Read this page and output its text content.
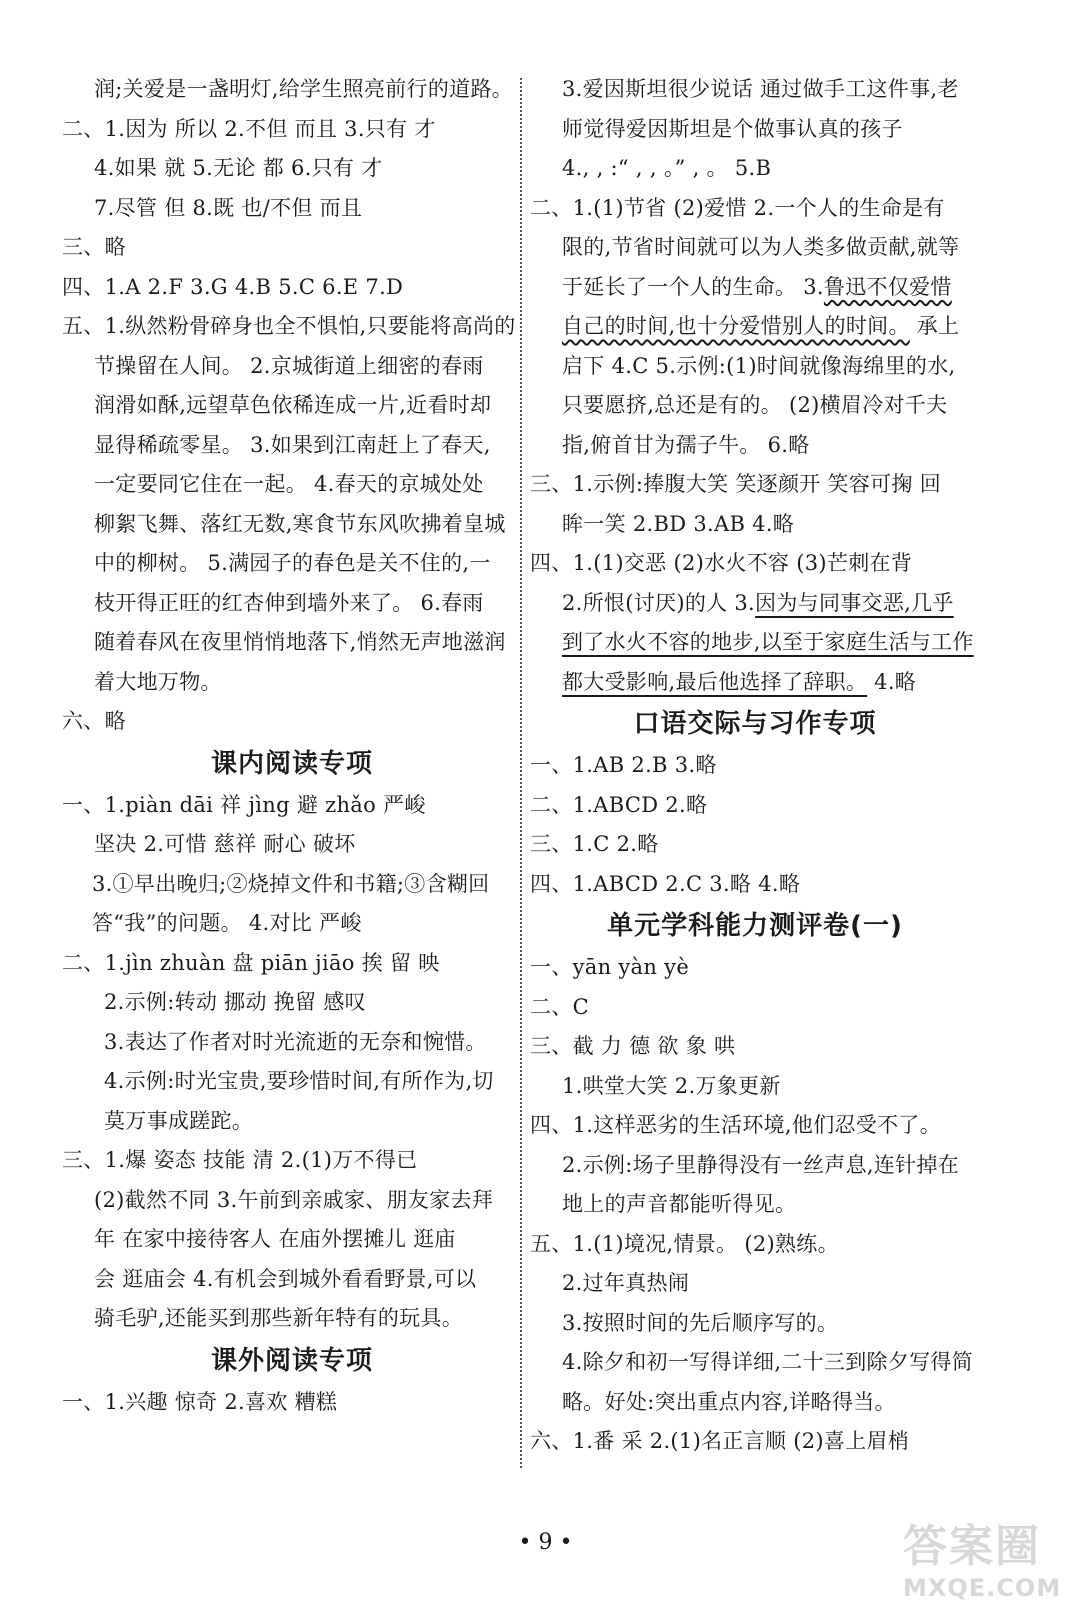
润;关爱是一盏明灯,给学生照亮前行的道路。
二、1.因为 所以 2.不但 而且 3.只有 才
4.如果 就 5.无论 都 6.只有 才
7.尽管 但 8.既 也/不但 而且
三、略
四、1.A 2.F 3.G 4.B 5.C 6.E 7.D
五、1.纵然粉骨碎身也全不惧怕,只要能将高尚的
节操留在人间。 2.京城街道上细密的春雨
润滑如酥,远望草色依稀连成一片,近看时却
显得稀疏零星。 3.如果到江南赶上了春天,
一定要同它住在一起。 4.春天的京城处处
柳絮飞舞、落红无数,寒食节东风吹拂着皇城
中的柳树。 5.满园子的春色是关不住的,一
枝开得正旺的红杏伸到墙外来了。 6.春雨
随着春风在夜里悄悄地落下,悄然无声地滋润
着大地万物。
六、略
课内阅读专项
一、1.piàn dāi 祥 jìng 避 zhǎo 严峻
坚决 2.可惜 慈祥 耐心 破坏
3.①早出晚归;②烧掉文件和书籍;③含糊回
答“我”的问题。 4.对比 严峻
二、1.jìn zhuàn 盘 piān jiāo 挨 留 映
2.示例:转动 挪动 挽留 感叹
3.表达了作者对时光流逝的无奈和惋惜。
4.示例:时光宝贵,要珍惜时间,有所作为,切
莫万事成蹉跎。
三、1.爆 姿态 技能 清 2.(1)万不得已
(2)截然不同 3.午前到亲戚家、朋友家去拜
年 在家中接待客人 在庙外摆摊儿 逛庙
会 逛庙会 4.有机会到城外看看野景,可以
骑毛驴,还能买到那些新年特有的玩具。
课外阅读专项
一、1.兴趣 惊奇 2.喜欢 糟糕
3.爱因斯坦很少说话 通过做手工这件事,老
师觉得爱因斯坦是个做事认真的孩子
4., , :“ , , 。” , 。 5.B
二、1.(1)节省 (2)爱惜 2.一个人的生命是有
限的,节省时间就可以为人类多做贡献,就等
于延长了一个人的生命。 3.鲁迅不仅爱惜
自己的时间,也十分爱惜别人的时间。 承上
启下 4.C 5.示例:(1)时间就像海绵里的水,
只要愿挤,总还是有的。 (2)横眉冷对千夫
指,俯首甘为孺子牛。 6.略
三、1.示例:捧腹大笑 笑逐颜开 笑容可掬 回
眸一笑 2.BD 3.AB 4.略
四、1.(1)交恶 (2)水火不容 (3)芒刺在背
2.所恨(讨厌)的人 3.因为与同事交恶,几乎
到了水火不容的地步,以至于家庭生活与工作
都大受影响,最后他选择了辞职。 4.略
口语交际与习作专项
一、1.AB 2.B 3.略
二、1.ABCD 2.略
三、1.C 2.略
四、1.ABCD 2.C 3.略 4.略
单元学科能力测评卷(一)
一、yān yàn yè
二、C
三、截 力 德 欲 象 哄
1.哄堂大笑 2.万象更新
四、1.这样恶劣的生活环境,他们忍受不了。
2.示例:场子里静得没有一丝声息,连针掉在
地上的声音都能听得见。
五、1.(1)境况,情景。 (2)熟练。
2.过年真热闹
3.按照时间的先后顺序写的。
4.除夕和初一写得详细,二十三到除夕写得简
略。好处:突出重点内容,详略得当。
六、1.番 采 2.(1)名正言顺 (2)喜上眉梢
• 9 •	答案圈
MXQE.COM
